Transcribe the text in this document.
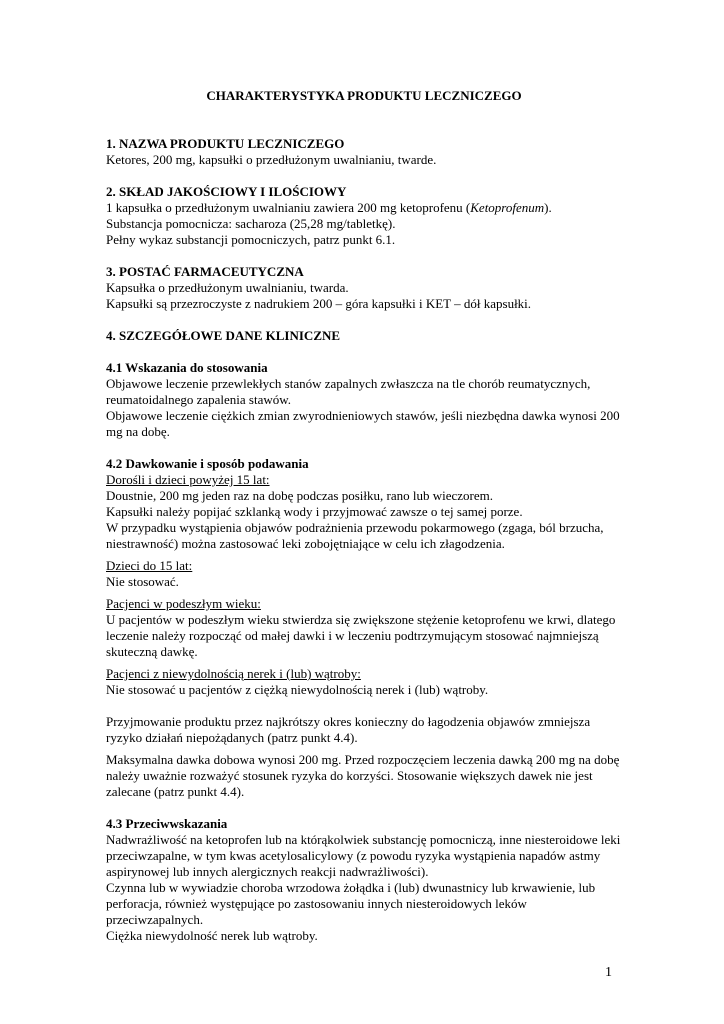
CHARAKTERYSTYKA PRODUKTU LECZNICZEGO
1. NAZWA PRODUKTU LECZNICZEGO
Ketores, 200 mg, kapsułki o przedłużonym uwalnianiu, twarde.
2. SKŁAD JAKOŚCIOWY I ILOŚCIOWY
1 kapsułka o przedłużonym uwalnianiu zawiera 200 mg ketoprofenu (Ketoprofenum).
Substancja pomocnicza: sacharoza (25,28 mg/tabletkę).
Pełny wykaz substancji pomocniczych, patrz punkt 6.1.
3. POSTAĆ FARMACEUTYCZNA
Kapsułka o przedłużonym uwalnianiu, twarda.
Kapsułki są przezroczyste z nadrukiem 200 – góra kapsułki i KET – dół kapsułki.
4. SZCZEGÓŁOWE DANE KLINICZNE
4.1 Wskazania do stosowania
Objawowe leczenie przewlekłych stanów zapalnych zwłaszcza na tle chorób reumatycznych, reumatoidalnego zapalenia stawów.
Objawowe leczenie ciężkich zmian zwyrodnieniowych stawów, jeśli niezbędna dawka wynosi 200 mg na dobę.
4.2 Dawkowanie i sposób podawania
Dorośli i dzieci powyżej 15 lat:
Doustnie, 200 mg jeden raz na dobę podczas posiłku, rano lub wieczorem.
Kapsułki należy popijać szklanką wody i przyjmować zawsze o tej samej porze.
W przypadku wystąpienia objawów podrażnienia przewodu pokarmowego (zgaga, ból brzucha, niestrawność) można zastosować leki zobojętniające w celu ich złagodzenia.
Dzieci do 15 lat:
Nie stosować.
Pacjenci w podeszłym wieku:
U pacjentów w podeszłym wieku stwierdza się zwiększone stężenie ketoprofenu we krwi, dlatego leczenie należy rozpocząć od małej dawki i w leczeniu podtrzymującym stosować najmniejszą skuteczną dawkę.
Pacjenci z niewydolnością nerek i (lub) wątroby:
Nie stosować u pacjentów z ciężką niewydolnością nerek i (lub) wątroby.
Przyjmowanie produktu przez najkrótszy okres konieczny do łagodzenia objawów zmniejsza ryzyko działań niepożądanych (patrz punkt 4.4).
Maksymalna dawka dobowa wynosi 200 mg. Przed rozpoczęciem leczenia dawką 200 mg na dobę należy uważnie rozważyć stosunek ryzyka do korzyści. Stosowanie większych dawek nie jest zalecane (patrz punkt 4.4).
4.3 Przeciwwskazania
Nadwrażliwość na ketoprofen lub na którąkolwiek substancję pomocniczą, inne niesteroidowe leki przeciwzapalne, w tym kwas acetylosalicylowy (z powodu ryzyka wystąpienia napadów astmy aspirynowej lub innych alergicznych reakcji nadwrażliwości).
Czynna lub w wywiadzie choroba wrzodowa żołądka i (lub) dwunastnicy lub krwawienie, lub perforacja, również występujące po zastosowaniu innych niesteroidowych leków przeciwzapalnych.
Ciężka niewydolność nerek lub wątroby.
1
